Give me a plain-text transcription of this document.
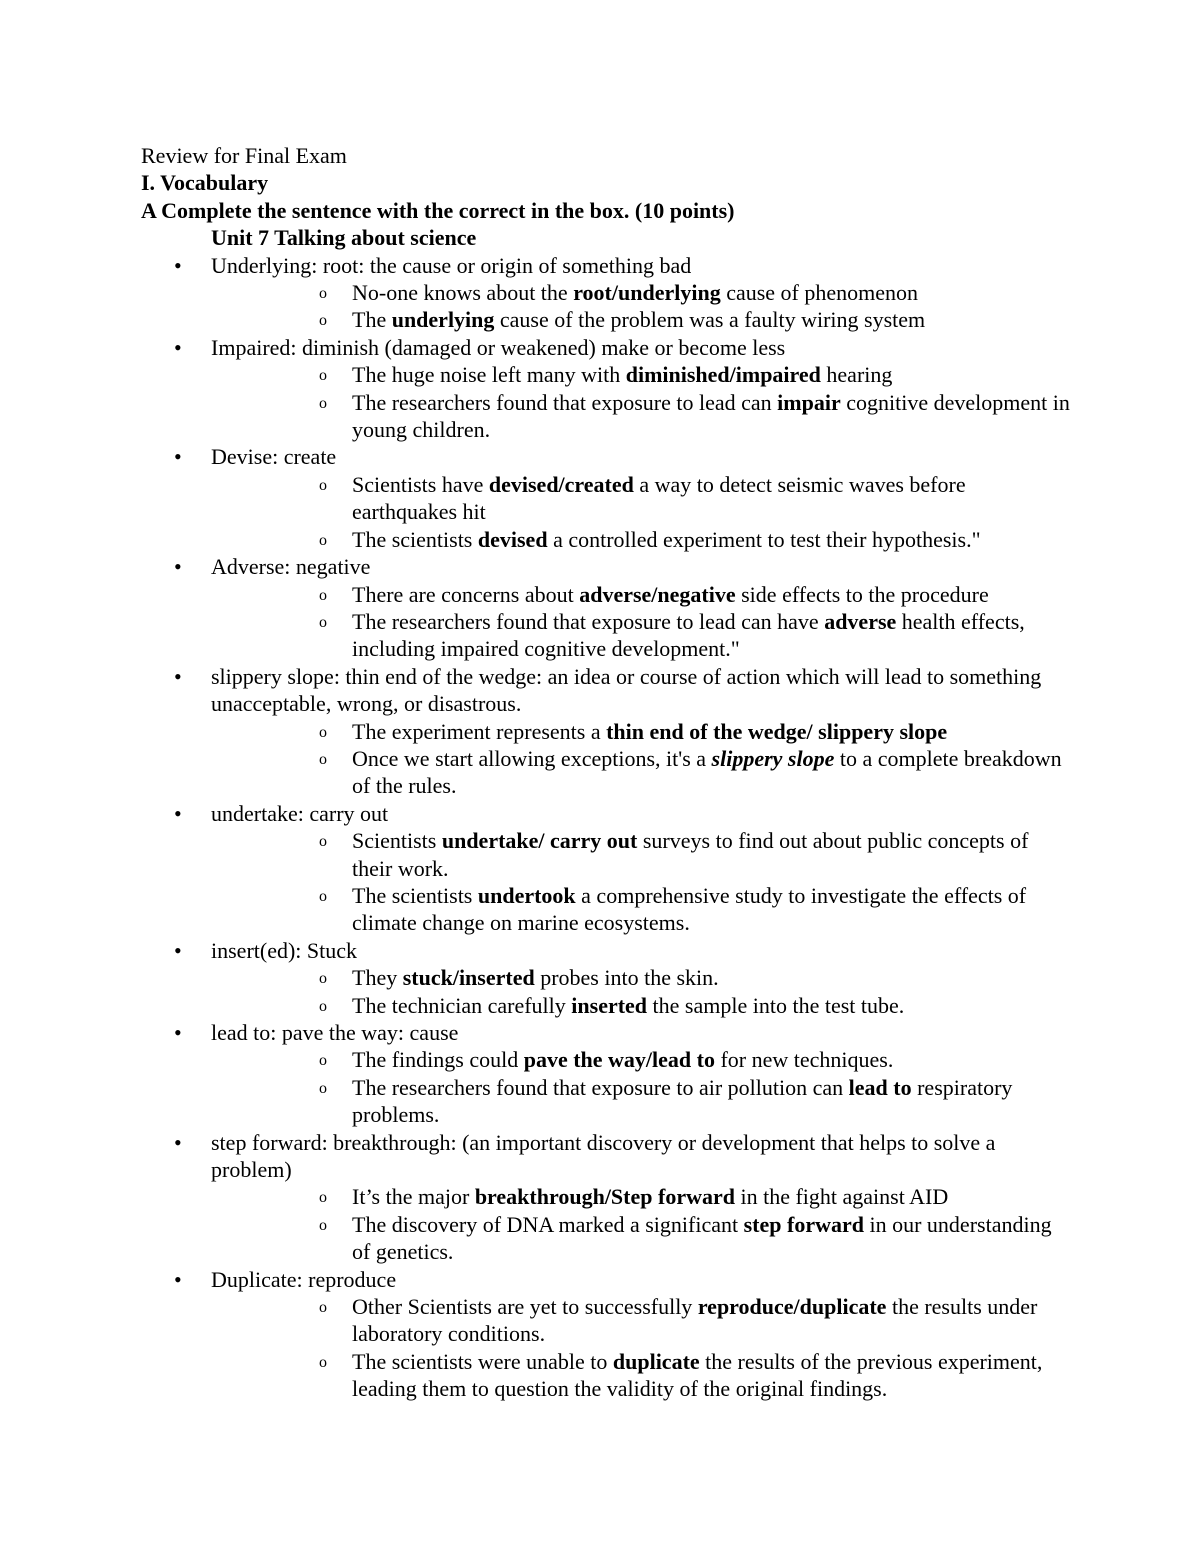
Review for Final Exam
I. Vocabulary
A Complete the sentence with the correct in the box. (10 points)
Unit 7 Talking about science
•	Underlying: root: the cause or origin of something bad
o	No-one knows about the root/underlying cause of phenomenon
o	The underlying cause of the problem was a faulty wiring system
•	Impaired: diminish (damaged or weakened) make or become less
o	The huge noise left many with diminished/impaired hearing
o	The researchers found that exposure to lead can impair cognitive development in young children.
•	Devise: create
o	Scientists have devised/created a way to detect seismic waves before earthquakes hit
o	The scientists devised a controlled experiment to test their hypothesis."
•	Adverse: negative
o	There are concerns about adverse/negative side effects to the procedure
o	The researchers found that exposure to lead can have adverse health effects, including impaired cognitive development."
•	slippery slope: thin end of the wedge: an idea or course of action which will lead to something unacceptable, wrong, or disastrous.
o	The experiment represents a thin end of the wedge/ slippery slope
o	Once we start allowing exceptions, it's a slippery slope to a complete breakdown of the rules.
•	undertake: carry out
o	Scientists undertake/ carry out surveys to find out about public concepts of their work.
o	The scientists undertook a comprehensive study to investigate the effects of climate change on marine ecosystems.
•	insert(ed): Stuck
o	They stuck/inserted probes into the skin.
o	The technician carefully inserted the sample into the test tube.
•	lead to: pave the way: cause
o	The findings could pave the way/lead to for new techniques.
o	The researchers found that exposure to air pollution can lead to respiratory problems.
•	step forward: breakthrough: (an important discovery or development that helps to solve a problem)
o	It’s the major breakthrough/Step forward in the fight against AID
o	The discovery of DNA marked a significant step forward in our understanding of genetics.
•	Duplicate: reproduce
o	Other Scientists are yet to successfully reproduce/duplicate the results under laboratory conditions.
o	The scientists were unable to duplicate the results of the previous experiment, leading them to question the validity of the original findings.
